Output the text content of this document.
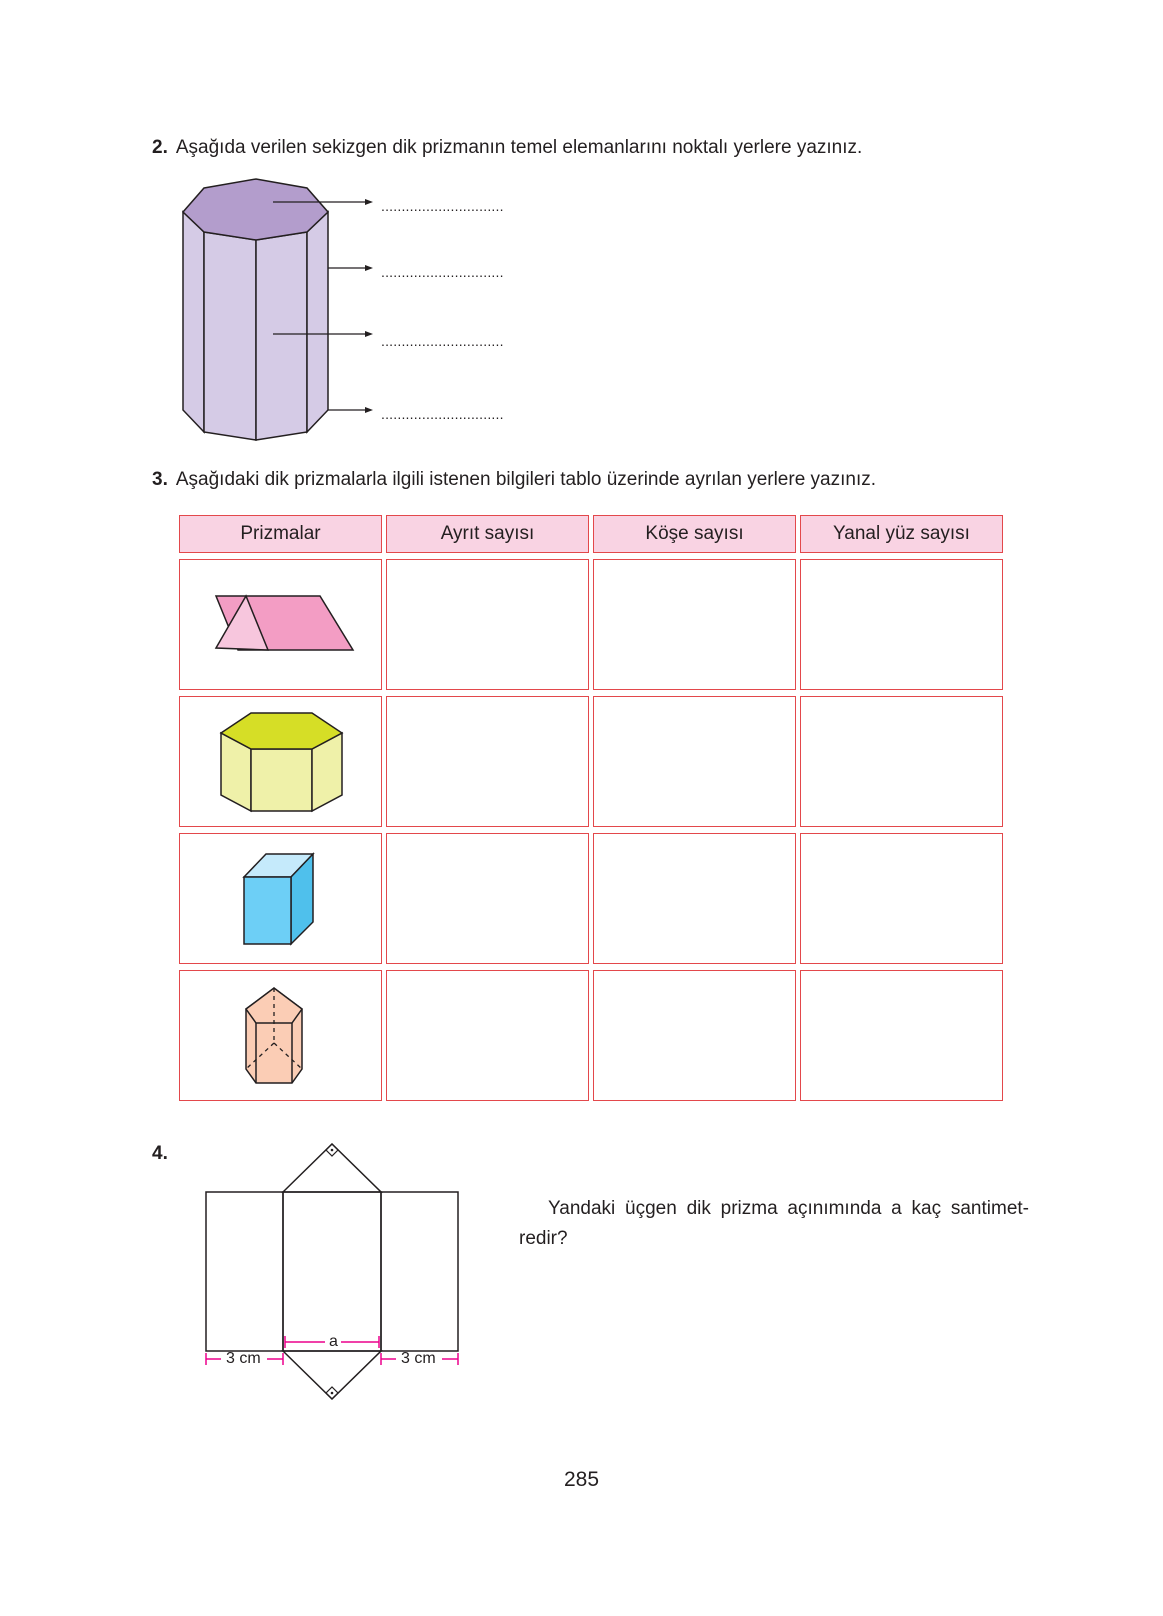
2. Aşağıda verilen sekizgen dik prizmanın temel elemanlarını noktalı yerlere yazınız.
..............................
..............................
..............................
..............................
3. Aşağıdaki dik prizmalarla ilgili istenen bilgileri tablo üzerinde ayrılan yerlere yazınız.
Prizmalar	Ayrıt sayısı	Köşe sayısı	Yanal yüz sayısı
4.
a
3 cm	3 cm
Yandaki üçgen dik prizma açınımında a kaç santimet-redir?
285
